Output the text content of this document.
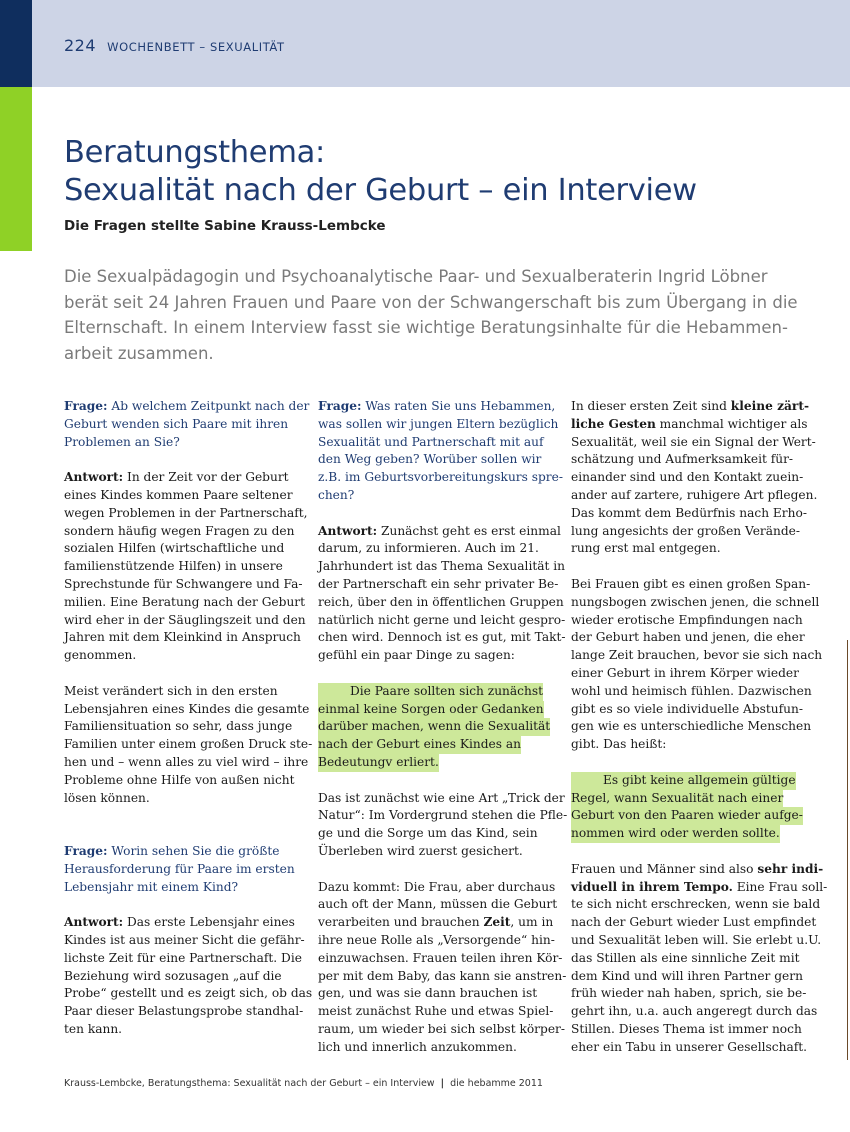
224 WOCHENBETT – SEXUALITÄT
Beratungsthema:
Sexualität nach der Geburt – ein Interview
Die Fragen stellte Sabine Krauss-Lembcke
Die Sexualpädagogin und Psychoanalytische Paar- und Sexualberaterin Ingrid Löbner
berät seit 24 Jahren Frauen und Paare von der Schwangerschaft bis zum Übergang in die
Elternschaft. In einem Interview fasst sie wichtige Beratungsinhalte für die Hebammen-
arbeit zusammen.
Frage: Ab welchem Zeitpunkt nach der
Geburt wenden sich Paare mit ihren
Problemen an Sie?
Antwort: In der Zeit vor der Geburt
eines Kindes kommen Paare seltener
wegen Problemen in der Partnerschaft,
sondern häufig wegen Fragen zu den
sozialen Hilfen (wirtschaftliche und
familienstützende Hilfen) in unsere
Sprechstunde für Schwangere und Fa-
milien. Eine Beratung nach der Geburt
wird eher in der Säuglingszeit und den
Jahren mit dem Kleinkind in Anspruch
genommen.
Meist verändert sich in den ersten
Lebensjahren eines Kindes die gesamte
Familiensituation so sehr, dass junge
Familien unter einem großen Druck ste-
hen und – wenn alles zu viel wird – ihre
Probleme ohne Hilfe von außen nicht
lösen können.
Frage: Worin sehen Sie die größte
Herausforderung für Paare im ersten
Lebensjahr mit einem Kind?
Antwort: Das erste Lebensjahr eines
Kindes ist aus meiner Sicht die gefähr-
lichste Zeit für eine Partnerschaft. Die
Beziehung wird sozusagen „auf die
Probe“ gestellt und es zeigt sich, ob das
Paar dieser Belastungsprobe standhal-
ten kann.
Frage: Was raten Sie uns Hebammen,
was sollen wir jungen Eltern bezüglich
Sexualität und Partnerschaft mit auf
den Weg geben? Worüber sollen wir
z.B. im Geburtsvorbereitungskurs spre-
chen?
Antwort: Zunächst geht es erst einmal
darum, zu informieren. Auch im 21.
Jahrhundert ist das Thema Sexualität in
der Partnerschaft ein sehr privater Be-
reich, über den in öffentlichen Gruppen
natürlich nicht gerne und leicht gespro-
chen wird. Dennoch ist es gut, mit Takt-
gefühl ein paar Dinge zu sagen:
Die Paare sollten sich zunächst
einmal keine Sorgen oder Gedanken
darüber machen, wenn die Sexualität
nach der Geburt eines Kindes an
Bedeutungv erliert.
Das ist zunächst wie eine Art „Trick der
Natur“: Im Vordergrund stehen die Pfle-
ge und die Sorge um das Kind, sein
Überleben wird zuerst gesichert.
Dazu kommt: Die Frau, aber durchaus
auch oft der Mann, müssen die Geburt
verarbeiten und brauchen Zeit, um in
ihre neue Rolle als „Versorgende“ hin-
einzuwachsen. Frauen teilen ihren Kör-
per mit dem Baby, das kann sie anstren-
gen, und was sie dann brauchen ist
meist zunächst Ruhe und etwas Spiel-
raum, um wieder bei sich selbst körper-
lich und innerlich anzukommen.
In dieser ersten Zeit sind kleine zärt-
liche Gesten manchmal wichtiger als
Sexualität, weil sie ein Signal der Wert-
schätzung und Aufmerksamkeit für-
einander sind und den Kontakt zuein-
ander auf zartere, ruhigere Art pflegen.
Das kommt dem Bedürfnis nach Erho-
lung angesichts der großen Verände-
rung erst mal entgegen.
Bei Frauen gibt es einen großen Span-
nungsbogen zwischen jenen, die schnell
wieder erotische Empfindungen nach
der Geburt haben und jenen, die eher
lange Zeit brauchen, bevor sie sich nach
einer Geburt in ihrem Körper wieder
wohl und heimisch fühlen. Dazwischen
gibt es so viele individuelle Abstufun-
gen wie es unterschiedliche Menschen
gibt. Das heißt:
Es gibt keine allgemein gültige
Regel, wann Sexualität nach einer
Geburt von den Paaren wieder aufge-
nommen wird oder werden sollte.
Frauen und Männer sind also sehr indi-
viduell in ihrem Tempo. Eine Frau soll-
te sich nicht erschrecken, wenn sie bald
nach der Geburt wieder Lust empfindet
und Sexualität leben will. Sie erlebt u.U.
das Stillen als eine sinnliche Zeit mit
dem Kind und will ihren Partner gern
früh wieder nah haben, sprich, sie be-
gehrt ihn, u.a. auch angeregt durch das
Stillen. Dieses Thema ist immer noch
eher ein Tabu in unserer Gesellschaft.
Krauss-Lembcke, Beratungsthema: Sexualität nach der Geburt – ein Interview | die hebamme 2011
